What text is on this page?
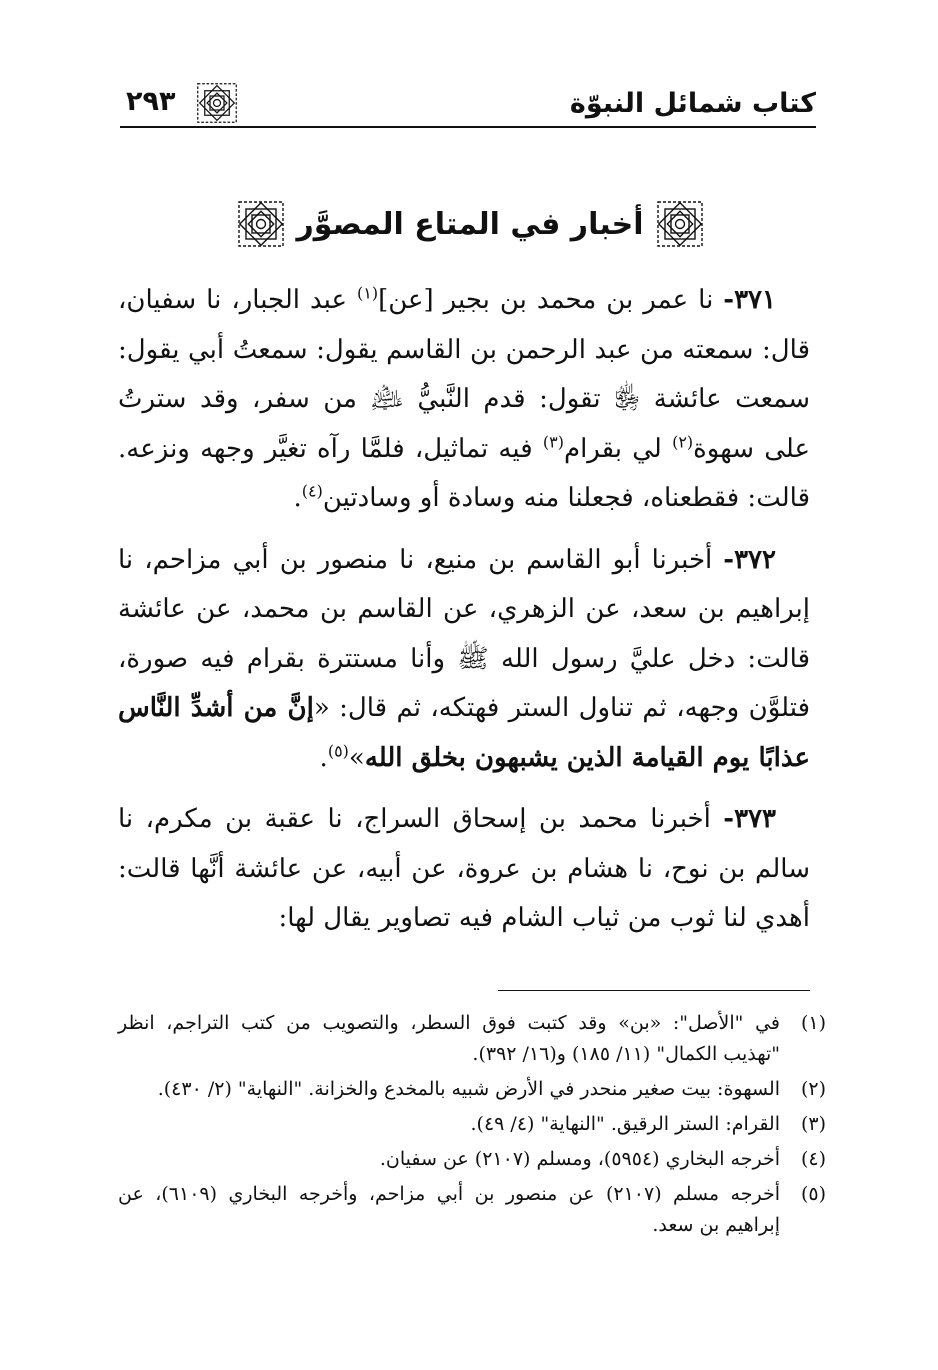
كتاب شمائل النبوّة
٢٩٣
أخبار في المتاع المصوَّر

٣٧١- نا عمر بن محمد بن بجير [عن]$^{(١)}$ عبد الجبار، نا سفيان، قال: سمعته من عبد الرحمن بن القاسم يقول: سمعتُ أبي يقول: سمعت عائشة ﵂ تقول: قدم النَّبيُّ ﵇ من سفر، وقد سترتُ على سهوة$^{(٢)}$ لي بقرام$^{(٣)}$ فيه تماثيل، فلمَّا رآه تغيَّر وجهه ونزعه. قالت: فقطعناه، فجعلنا منه وسادة أو وسادتين$^{(٤)}$.

٣٧٢- أخبرنا أبو القاسم بن منيع، نا منصور بن أبي مزاحم، نا إبراهيم بن سعد، عن الزهري، عن القاسم بن محمد، عن عائشة قالت: دخل عليَّ رسول الله ﷺ وأنا مستترة بقرام فيه صورة، فتلوَّن وجهه، ثم تناول الستر فهتكه، ثم قال: «إنَّ من أشدِّ النَّاس عذابًا يوم القيامة الذين يشبهون بخلق الله»$^{(٥)}$.

٣٧٣- أخبرنا محمد بن إسحاق السراج، نا عقبة بن مكرم، نا سالم بن نوح، نا هشام بن عروة، عن أبيه، عن عائشة أنَّها قالت: أهدي لنا ثوب من ثياب الشام فيه تصاوير يقال لها:

(١)
في "الأصل": «بن» وقد كتبت فوق السطر، والتصويب من كتب التراجم، انظر "تهذيب الكمال" (١١/ ١٨٥) و(١٦/ ٣٩٢).
(٢)
السهوة: بيت صغير منحدر في الأرض شبيه بالمخدع والخزانة. "النهاية" (٢/ ٤٣٠).
(٣)
القرام: الستر الرقيق. "النهاية" (٤/ ٤٩).
(٤)
أخرجه البخاري (٥٩٥٤)، ومسلم (٢١٠٧) عن سفيان.
(٥)
أخرجه مسلم (٢١٠٧) عن منصور بن أبي مزاحم، وأخرجه البخاري (٦١٠٩)، عن إبراهيم بن سعد.
